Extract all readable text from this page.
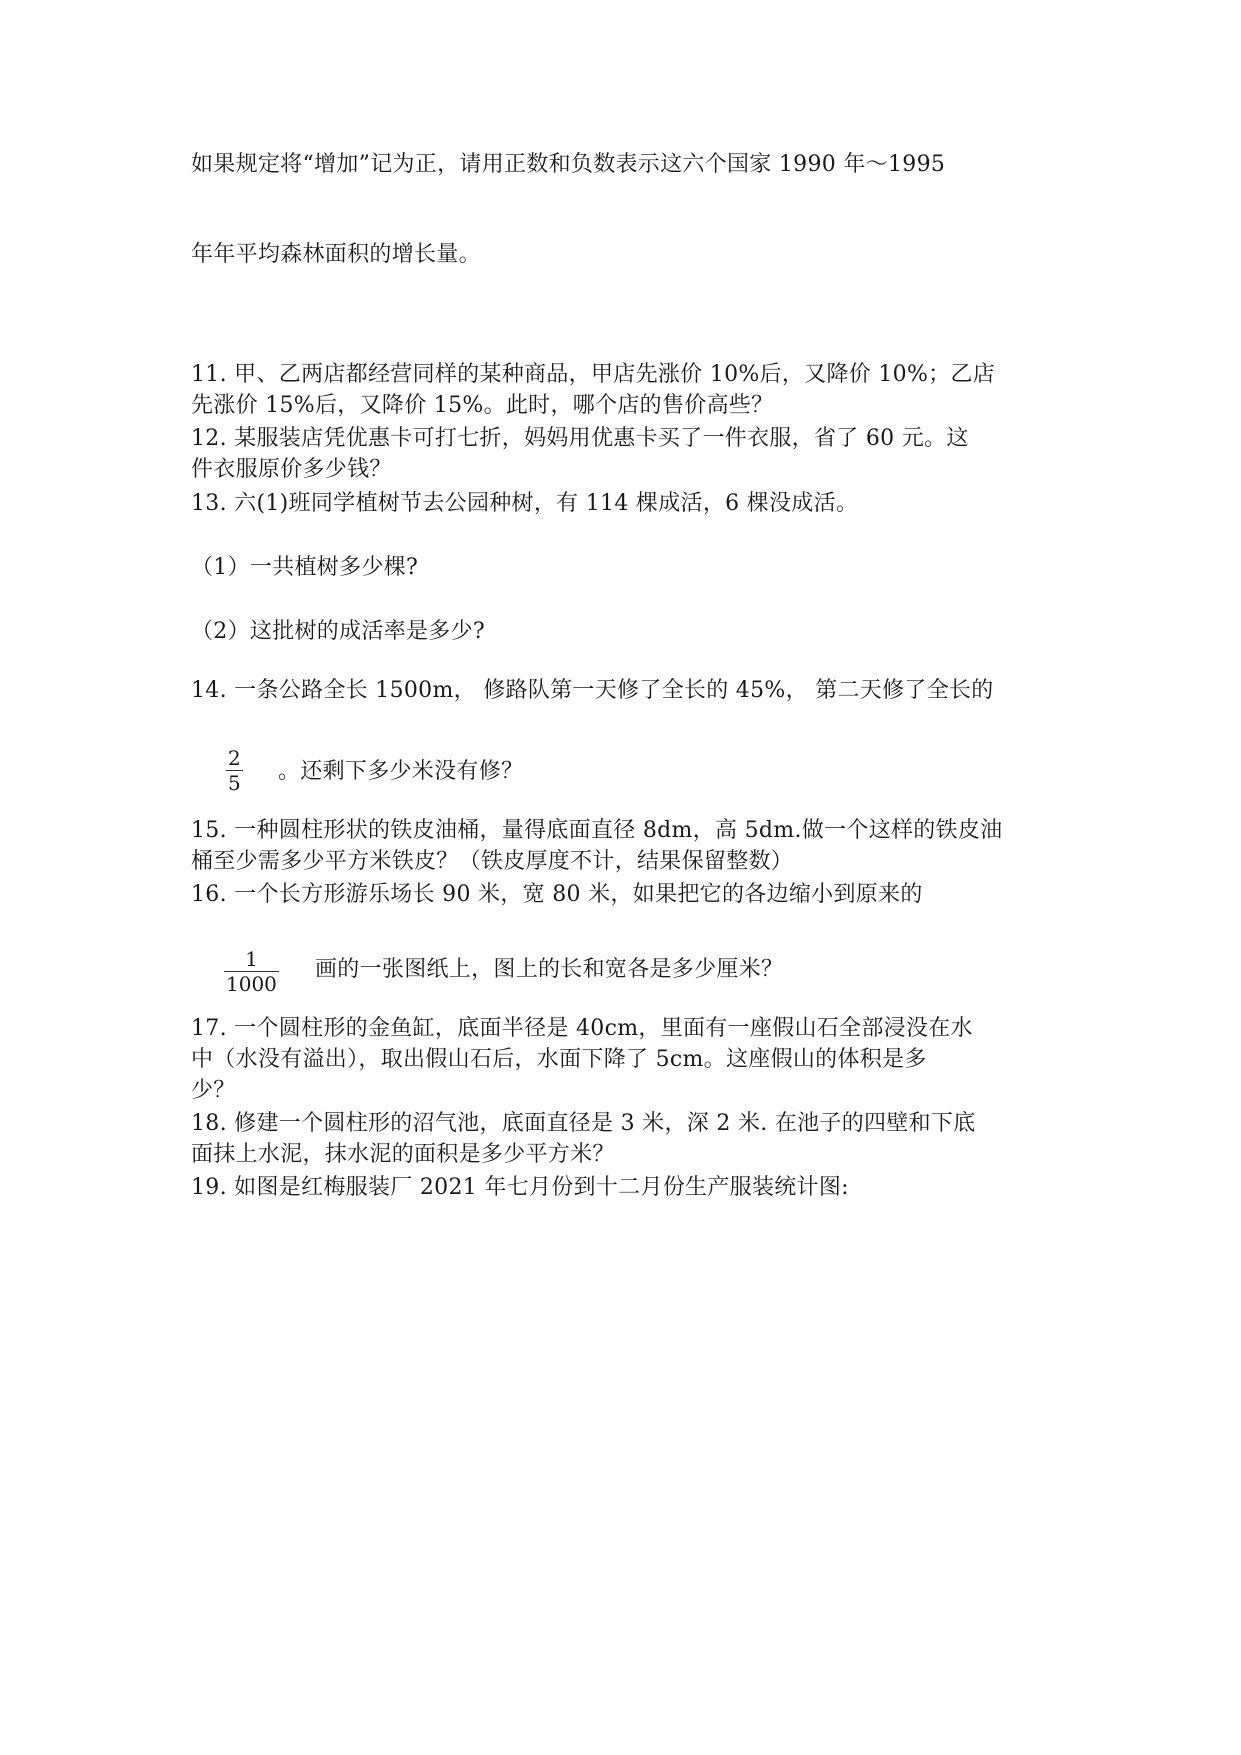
如果规定将“增加”记为正，请用正数和负数表示这六个国家 1990 年～1995

年年平均森林面积的增长量。

11. 甲、乙两店都经营同样的某种商品，甲店先涨价 10%后，又降价 10%；乙店

先涨价 15%后，又降价 15%。此时，哪个店的售价高些？

12. 某服装店凭优惠卡可打七折，妈妈用优惠卡买了一件衣服，省了 60 元。这

件衣服原价多少钱？

13. 六(1)班同学植树节去公园种树，有 114 棵成活，6 棵没成活。

（1）一共植树多少棵?

（2）这批树的成活率是多少?

14. 一条公路全长 1500m， 修路队第一天修了全长的 45%， 第二天修了全长的

2
5 。还剩下多少米没有修？

15. 一种圆柱形状的铁皮油桶，量得底面直径 8dm，高 5dm.做一个这样的铁皮油

桶至少需多少平方米铁皮？（铁皮厚度不计，结果保留整数）

16. 一个长方形游乐场长 90 米，宽 80 米，如果把它的各边缩小到原来的

1
1000

画的一张图纸上，图上的长和宽各是多少厘米？

17. 一个圆柱形的金鱼缸，底面半径是 40cm，里面有一座假山石全部浸没在水

中（水没有溢出），取出假山石后，水面下降了 5cm。这座假山的体积是多

少？

18. 修建一个圆柱形的沼气池，底面直径是 3 米，深 2 米. 在池子的四壁和下底

面抹上水泥，抹水泥的面积是多少平方米？

19. 如图是红梅服装厂 2021 年七月份到十二月份生产服装统计图:
